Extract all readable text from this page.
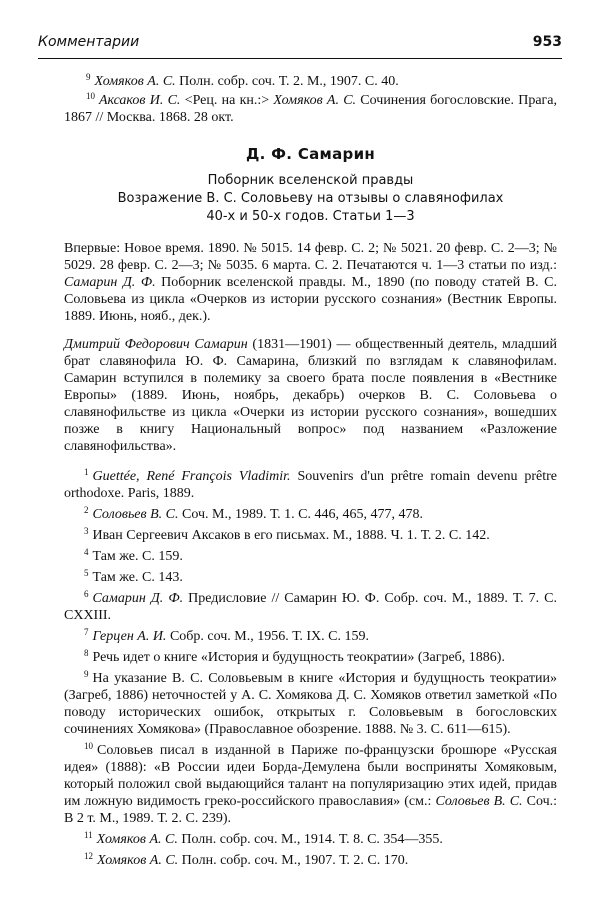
Комментарии	953

$^9$ Хомяков А. С. Полн. собр. соч. Т. 2. М., 1907. С. 40.

$^{10}$ Аксаков И. С. <Рец. на кн.:> Хомяков А. С. Сочинения богословские. Прага, 1867 // Москва. 1868. 28 окт.

Д. Ф. Самарин
Поборник вселенской правды
Возражение В. С. Соловьеву на отзывы о славянофилах
40-х и 50-х годов. Статьи 1—3

Впервые: Новое время. 1890. № 5015. 14 февр. С. 2; № 5021. 20 февр. С. 2—3; № 5029. 28 февр. С. 2—3; № 5035. 6 марта. С. 2. Печатаются ч. 1—3 статьи по изд.: Самарин Д. Ф. Поборник вселенской правды. М., 1890 (по поводу статей В. С. Соловьева из цикла «Очерков из истории русского сознания» (Вестник Европы. 1889. Июнь, нояб., дек.).

Дмитрий Федорович Самарин (1831—1901) — общественный деятель, младший брат славянофила Ю. Ф. Самарина, близкий по взглядам к славянофилам. Самарин вступился в полемику за своего брата после появления в «Вестнике Европы» (1889. Июнь, ноябрь, декабрь) очерков В. С. Соловьева о славянофильстве из цикла «Очерки из истории русского сознания», вошедших позже в книгу Национальный вопрос» под названием «Разложение славянофильства».

$^1$ Guettée, René François Vladimir. Souvenirs d'un prêtre romain devenu prêtre orthodoxe. Paris, 1889.

$^2$ Соловьев В. С. Соч. М., 1989. Т. 1. С. 446, 465, 477, 478.

$^3$ Иван Сергеевич Аксаков в его письмах. М., 1888. Ч. 1. Т. 2. С. 142.

$^4$ Там же. С. 159.

$^5$ Там же. С. 143.

$^6$ Самарин Д. Ф. Предисловие // Самарин Ю. Ф. Собр. соч. М., 1889. Т. 7. С. CXXIII.

$^7$ Герцен А. И. Собр. соч. М., 1956. Т. IX. С. 159.

$^8$ Речь идет о книге «История и будущность теократии» (Загреб, 1886).

$^9$ На указание В. С. Соловьевым в книге «История и будущность теократии» (Загреб, 1886) неточностей у А. С. Хомякова Д. С. Хомяков ответил заметкой «По поводу исторических ошибок, открытых г. Соловьевым в богословских сочинениях Хомякова» (Православное обозрение. 1888. № 3. С. 611—615).

$^{10}$ Соловьев писал в изданной в Париже по-французски брошюре «Русская идея» (1888): «В России идеи Борда-Демулена были восприняты Хомяковым, который положил свой выдающийся талант на популяризацию этих идей, придав им ложную видимость греко-российского православия» (см.: Соловьев В. С. Соч.: В 2 т. М., 1989. Т. 2. С. 239).

$^{11}$ Хомяков А. С. Полн. собр. соч. М., 1914. Т. 8. С. 354—355.

$^{12}$ Хомяков А. С. Полн. собр. соч. М., 1907. Т. 2. С. 170.
